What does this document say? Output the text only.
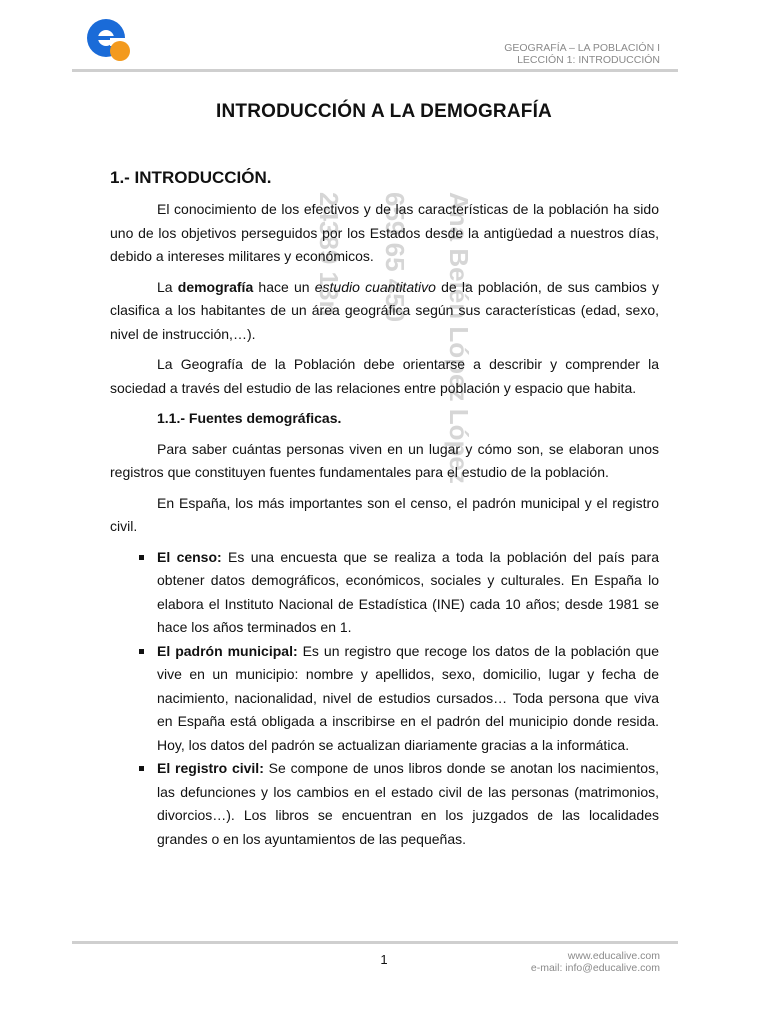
GEOGRAFÍA – LA POBLACIÓN I
LECCIÓN 1: INTRODUCCIÓN
INTRODUCCIÓN A LA DEMOGRAFÍA
Ana Belén López López
659 65 450
24389 13n
1.- INTRODUCCIÓN.

El conocimiento de los efectivos y de las características de la población ha sido uno de los objetivos perseguidos por los Estados desde la antigüedad a nuestros días, debido a intereses militares y económicos.

La demografía hace un estudio cuantitativo de la población, de sus cambios y clasifica a los habitantes de un área geográfica según sus características (edad, sexo, nivel de instrucción,…).

La Geografía de la Población debe orientarse a describir y comprender la sociedad a través del estudio de las relaciones entre población y espacio que habita.

1.1.- Fuentes demográficas.

Para saber cuántas personas viven en un lugar y cómo son, se elaboran unos registros que constituyen fuentes fundamentales para el estudio de la población.

En España, los más importantes son el censo, el padrón municipal y el registro civil.

El censo: Es una encuesta que se realiza a toda la población del país para obtener datos demográficos, económicos, sociales y culturales. En España lo elabora el Instituto Nacional de Estadística (INE) cada 10 años; desde 1981 se hace los años terminados en 1.
El padrón municipal: Es un registro que recoge los datos de la población que vive en un municipio: nombre y apellidos, sexo, domicilio, lugar y fecha de nacimiento, nacionalidad, nivel de estudios cursados… Toda persona que viva en España está obligada a inscribirse en el padrón del municipio donde resida. Hoy, los datos del padrón se actualizan diariamente gracias a la informática.
El registro civil: Se compone de unos libros donde se anotan los nacimientos, las defunciones y los cambios en el estado civil de las personas (matrimonios, divorcios…). Los libros se encuentran en los juzgados de las localidades grandes o en los ayuntamientos de las pequeñas.
1	www.educalive.com
e-mail: info@educalive.com
